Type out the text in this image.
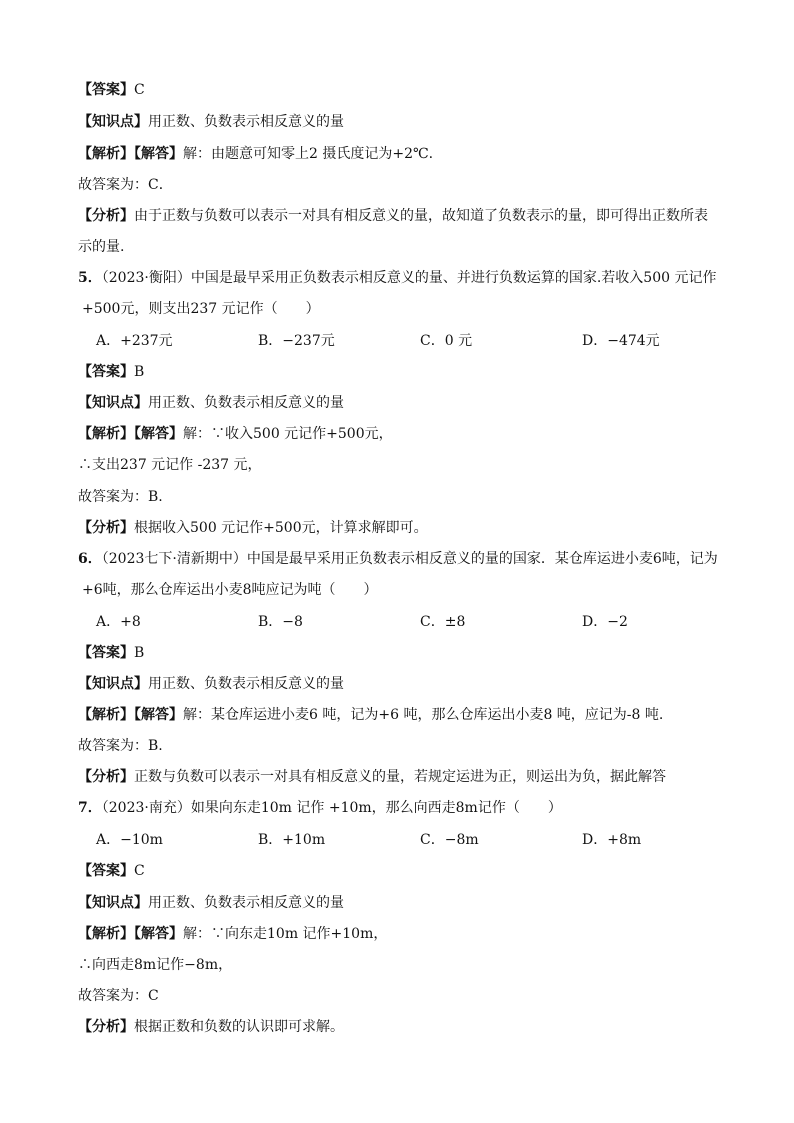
【答案】C
【知识点】用正数、负数表示相反意义的量
【解析】【解答】解：由题意可知零上2 摄氏度记为+2℃.
故答案为：C．
【分析】由于正数与负数可以表示一对具有相反意义的量，故知道了负数表示的量，即可得出正数所表
示的量.
5．（2023·衡阳）中国是最早采用正负数表示相反意义的量、并进行负数运算的国家.若收入500 元记作
+500元，则支出237 元记作（　　）
A．+237元	B．−237元	C．0 元	D．−474元
【答案】B
【知识点】用正数、负数表示相反意义的量
【解析】【解答】解：∵收入500 元记作+500元，
∴支出237 元记作 -237 元，
故答案为：B.
【分析】根据收入500 元记作+500元，计算求解即可。
6．（2023七下·清新期中）中国是最早采用正负数表示相反意义的量的国家．某仓库运进小麦6吨，记为
+6吨，那么仓库运出小麦8吨应记为吨（　　）
A．+8	B．−8	C．±8	D．−2
【答案】B
【知识点】用正数、负数表示相反意义的量
【解析】【解答】解：某仓库运进小麦6 吨，记为+6 吨，那么仓库运出小麦8 吨，应记为-8 吨.
故答案为：B.
【分析】正数与负数可以表示一对具有相反意义的量，若规定运进为正，则运出为负，据此解答
7．（2023·南充）如果向东走10m 记作 +10m，那么向西走8m记作（　　）
A．−10m	B．+10m	C．−8m	D．+8m
【答案】C
【知识点】用正数、负数表示相反意义的量
【解析】【解答】解：∵向东走10m 记作+10m，
∴向西走8m记作−8m，
故答案为：C
【分析】根据正数和负数的认识即可求解。
